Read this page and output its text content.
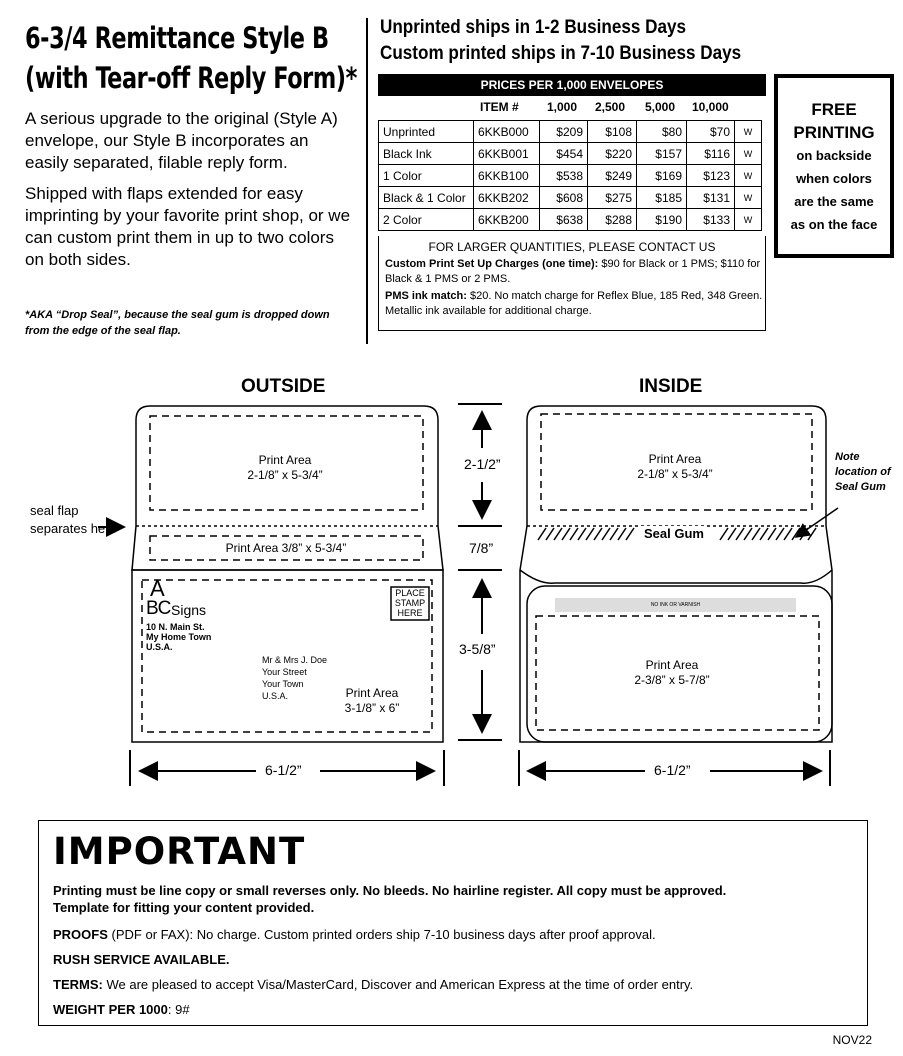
6-3/4 Remittance Style B
(with Tear-off Reply Form)*
A serious upgrade to the original (Style A) envelope, our Style B incorporates an easily separated, filable reply form.
Shipped with flaps extended for easy imprinting by your favorite print shop, or we can custom print them in up to two colors on both sides.
*AKA “Drop Seal”, because the seal gum is dropped down from the edge of the seal flap.
Unprinted ships in 1-2 Business Days
Custom printed ships in 7-10 Business Days
PRICES PER 1,000 ENVELOPES
ITEM # 1,000 2,500 5,000 10,000
Unprinted	6KKB000	$209	$108	$80	$70	W
Black Ink	6KKB001	$454	$220	$157	$116	W
1 Color	6KKB100	$538	$249	$169	$123	W
Black & 1 Color	6KKB202	$608	$275	$185	$131	W
2 Color	6KKB200	$638	$288	$190	$133	W
FOR LARGER QUANTITIES, PLEASE CONTACT US

Custom Print Set Up Charges (one time): $90 for Black or 1 PMS; $110 for Black & 1 PMS or 2 PMS.

PMS ink match: $20. No match charge for Reflex Blue, 185 Red, 348 Green. Metallic ink available for additional charge.

FREE
PRINTING
on backside
when colors
are the same
as on the face
OUTSIDE	INSIDE
Print Area
2-1/8” x 5-3/4”
Print Area 3/8” x 5-3/4”
A
BC Signs
10 N. Main St.
My Home Town
U.S.A.
PLACE STAMP HERE
Mr & Mrs J. Doe
Your Street
Your Town
U.S.A.	Print Area
3-1/8” x 6”
seal flap separates here
Print Area
2-1/8” x 5-3/4”
Seal Gum
NO INK OR VARNISH
Print Area
2-3/8” x 5-7/8”
Note location of Seal Gum
2-1/2”
7/8”
3-5/8”
6-1/2”	6-1/2”
IMPORTANT
Printing must be line copy or small reverses only. No bleeds. No hairline register. All copy must be approved.
Template for fitting your content provided.
PROOFS (PDF or FAX): No charge. Custom printed orders ship 7-10 business days after proof approval.
RUSH SERVICE AVAILABLE.
TERMS: We are pleased to accept Visa/MasterCard, Discover and American Express at the time of order entry.
WEIGHT PER 1000: 9#
NOV22
